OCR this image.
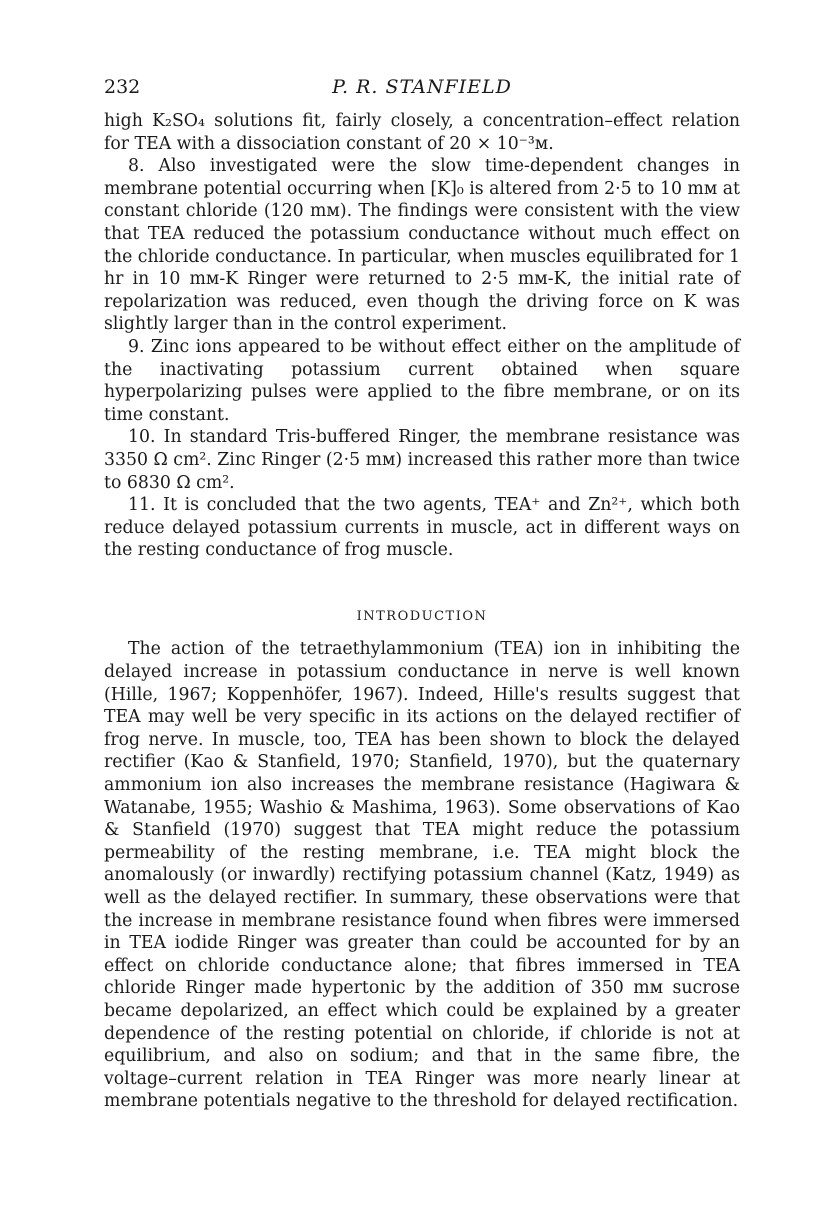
232	P. R. STANFIELD

high K₂SO₄ solutions fit, fairly closely, a concentration–effect relation for TEA with a dissociation constant of 20 × 10⁻³ᴍ.

8. Also investigated were the slow time-dependent changes in membrane potential occurring when [K]₀ is altered from 2·5 to 10 mᴍ at constant chloride (120 mᴍ). The findings were consistent with the view that TEA reduced the potassium conductance without much effect on the chloride conductance. In particular, when muscles equilibrated for 1 hr in 10 mᴍ-K Ringer were returned to 2·5 mᴍ-K, the initial rate of repolarization was reduced, even though the driving force on K was slightly larger than in the control experiment.

9. Zinc ions appeared to be without effect either on the amplitude of the inactivating potassium current obtained when square hyperpolarizing pulses were applied to the fibre membrane, or on its time constant.

10. In standard Tris-buffered Ringer, the membrane resistance was 3350 Ω cm². Zinc Ringer (2·5 mᴍ) increased this rather more than twice to 6830 Ω cm².

11. It is concluded that the two agents, TEA⁺ and Zn²⁺, which both reduce delayed potassium currents in muscle, act in different ways on the resting conductance of frog muscle.

INTRODUCTION

The action of the tetraethylammonium (TEA) ion in inhibiting the delayed increase in potassium conductance in nerve is well known (Hille, 1967; Koppenhöfer, 1967). Indeed, Hille's results suggest that TEA may well be very specific in its actions on the delayed rectifier of frog nerve. In muscle, too, TEA has been shown to block the delayed rectifier (Kao & Stanfield, 1970; Stanfield, 1970), but the quaternary ammonium ion also increases the membrane resistance (Hagiwara & Watanabe, 1955; Washio & Mashima, 1963). Some observations of Kao & Stanfield (1970) suggest that TEA might reduce the potassium permeability of the resting membrane, i.e. TEA might block the anomalously (or inwardly) rectifying potassium channel (Katz, 1949) as well as the delayed rectifier. In summary, these observations were that the increase in membrane resistance found when fibres were immersed in TEA iodide Ringer was greater than could be accounted for by an effect on chloride conductance alone; that fibres immersed in TEA chloride Ringer made hypertonic by the addition of 350 mᴍ sucrose became depolarized, an effect which could be explained by a greater dependence of the resting potential on chloride, if chloride is not at equilibrium, and also on sodium; and that in the same fibre, the voltage–current relation in TEA Ringer was more nearly linear at membrane potentials negative to the threshold for delayed rectification.
